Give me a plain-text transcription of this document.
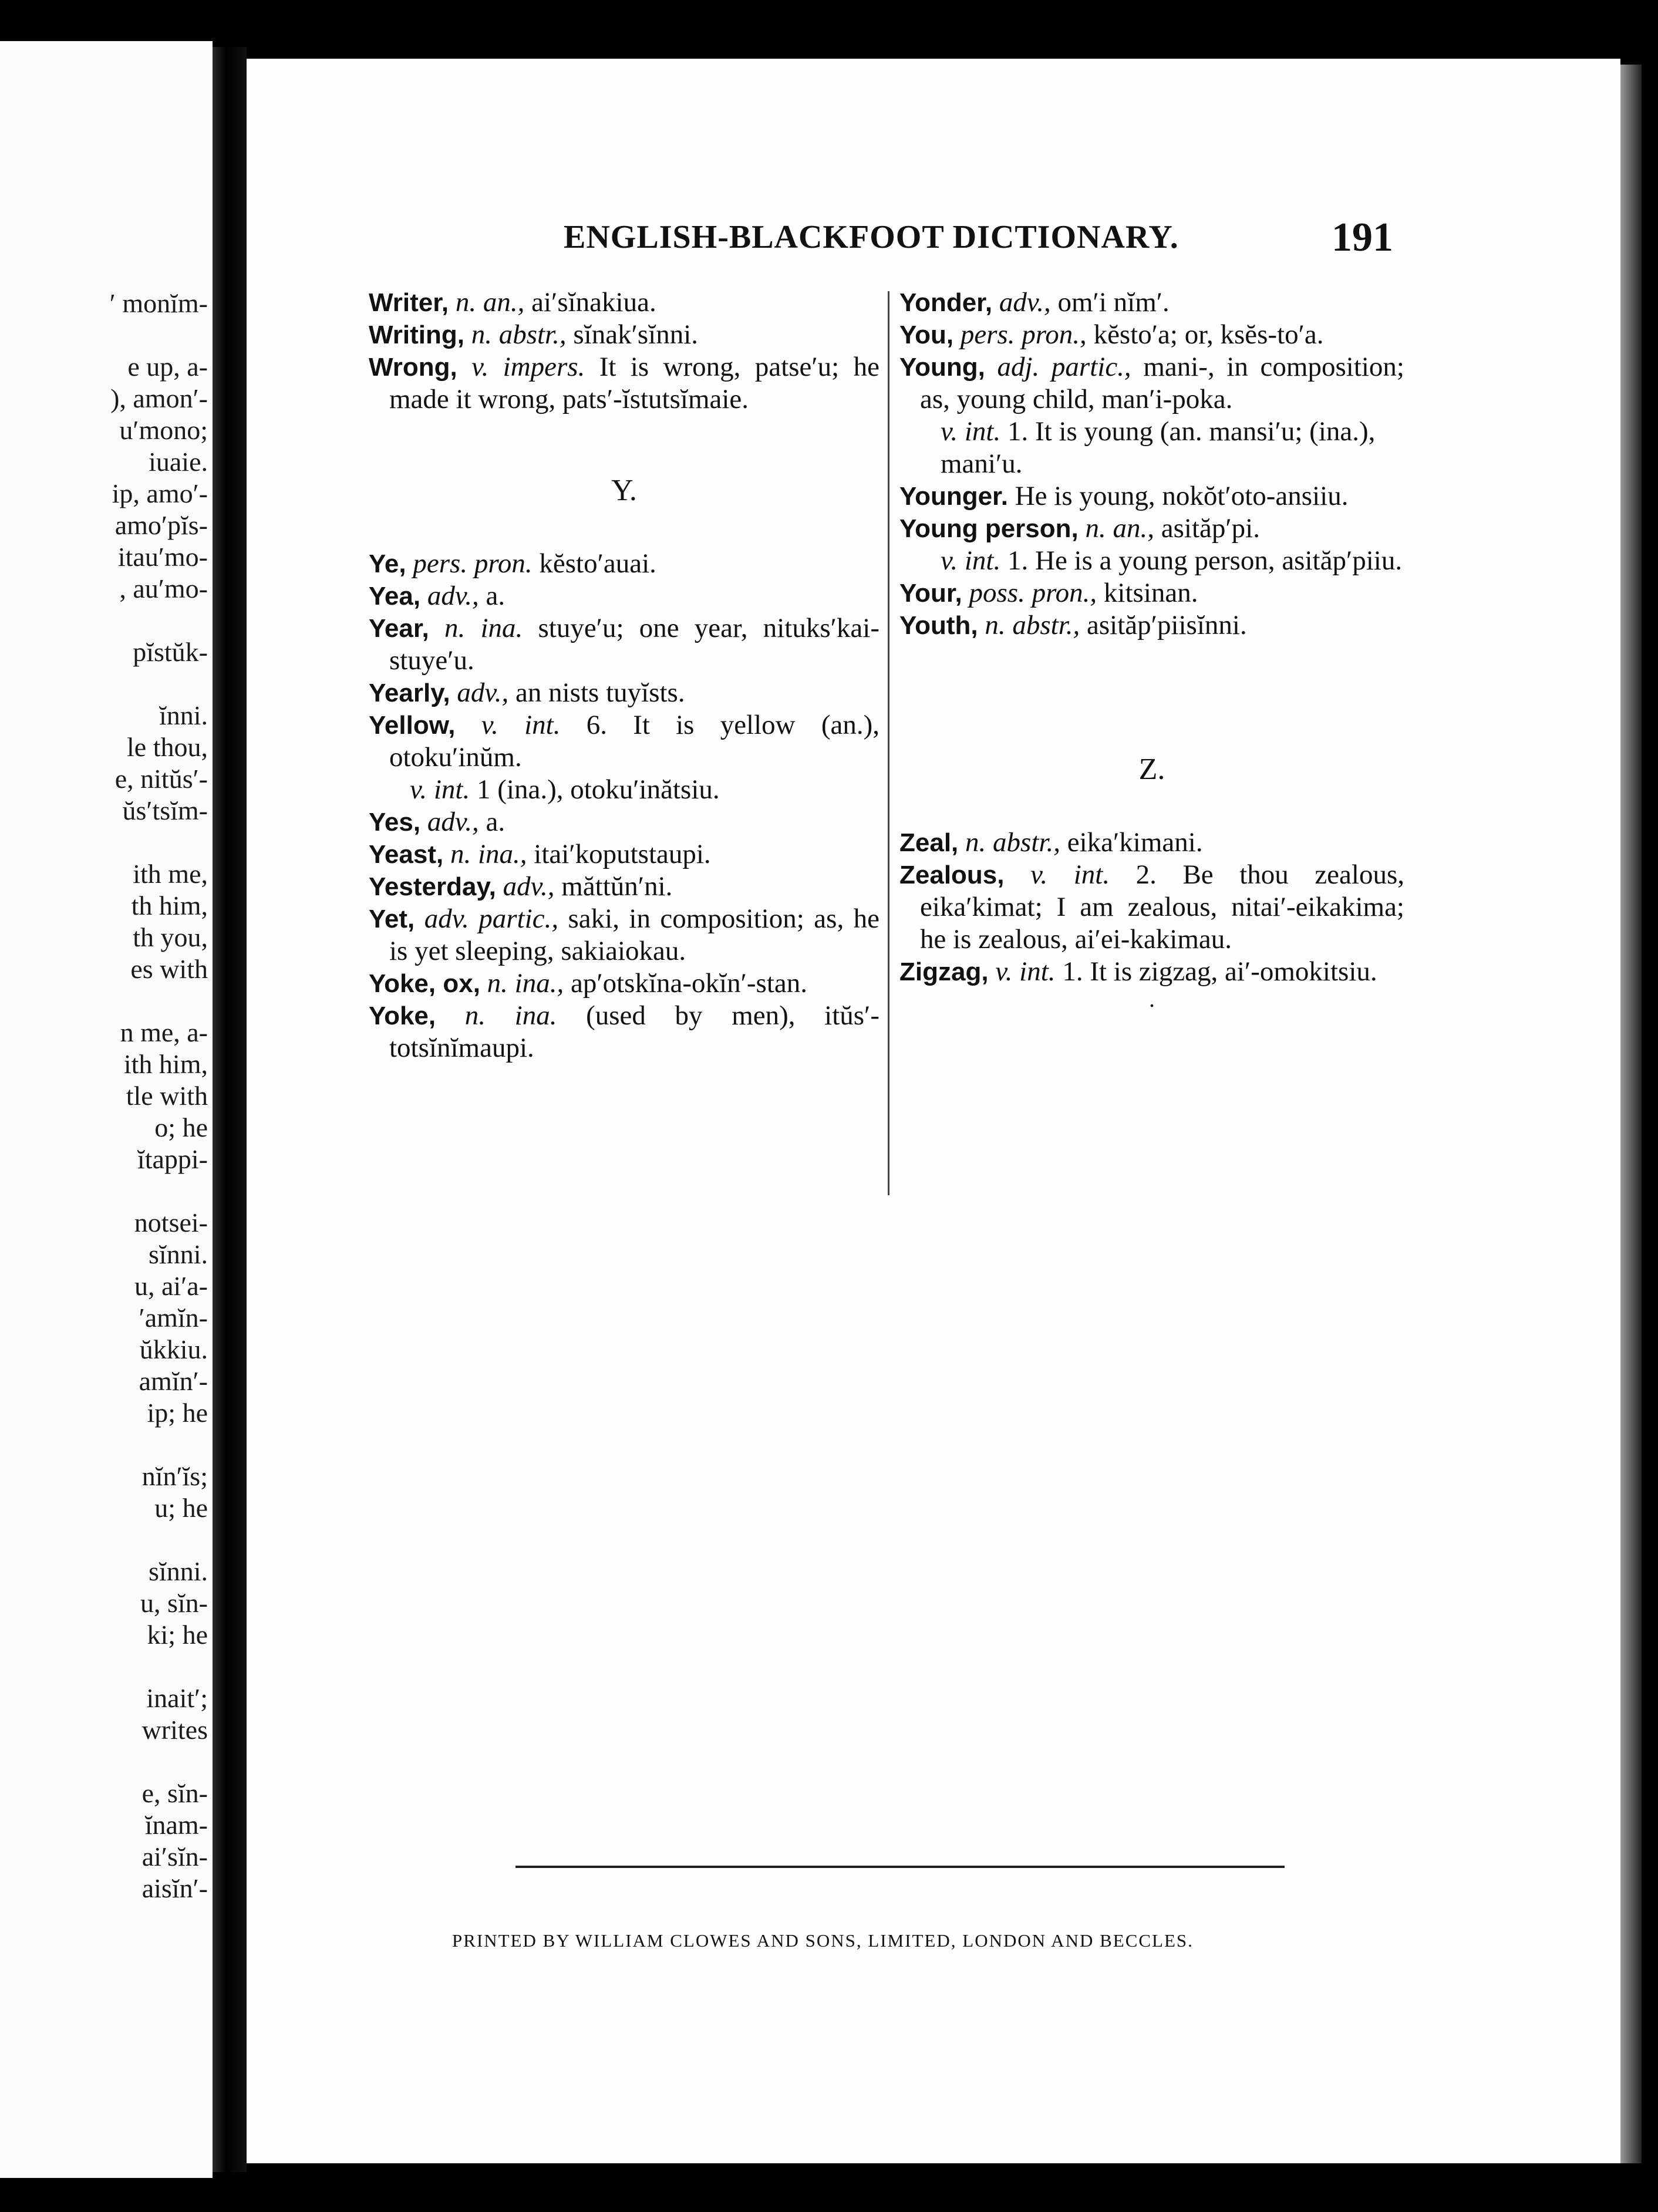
′ monĭm-
e up, a-
), amon′-
u′mono;
iuaie.
ip, amo′-
amo′pĭs-
itau′mo-
, au′mo-
pĭstŭk-
ĭnni.
le thou,
e, nitŭs′-
ŭs′tsĭm-
ith me,
th him,
th you,
es with
n me, a-
ith him,
tle with
o; he
ĭtappi-
notsei-
sĭnni.
u, ai′a-
′amĭn-
ŭkkiu.
amĭn′-
ip; he
nĭn′ĭs;
u; he
sĭnni.
u, sĭn-
ki; he
inait′;
writes
e, sĭn-
ĭnam-
ai′sĭn-
aisĭn′-
ENGLISH-BLACKFOOT DICTIONARY.	191
Writer, n. an., ai′sĭnakiua.
Writing, n. abstr., sĭnak′sĭnni.
Wrong, v. impers. It is wrong, patse′u; he made it wrong, pats′-ĭstutsĭmaie.
Y.
Ye, pers. pron. kĕsto′auai.
Yea, adv., a.
Year, n. ina. stuye′u; one year, nituks′kai-stuye′u.
Yearly, adv., an nists tuyĭsts.
Yellow, v. int. 6. It is yellow (an.), otoku′inŭm.
v. int. 1 (ina.), otoku′inătsiu.
Yes, adv., a.
Yeast, n. ina., itai′koputstaupi.
Yesterday, adv., măttŭn′ni.
Yet, adv. partic., saki, in composition; as, he is yet sleeping, sakiaiokau.
Yoke, ox, n. ina., ap′otskĭna-okĭn′-stan.
Yoke, n. ina. (used by men), itŭs′-totsĭnĭmaupi.
Yonder, adv., om′i nĭm′.
You, pers. pron., kĕsto′a; or, ksĕs-to′a.
Young, adj. partic., mani-, in composition; as, young child, man′i-poka.
v. int. 1. It is young (an. mansi′u; (ina.), mani′u.
Younger. He is young, nokŏt′oto-ansiiu.
Young person, n. an., asităp′pi.
v. int. 1. He is a young person, asităp′piiu.
Your, poss. pron., kitsinan.
Youth, n. abstr., asităp′piisĭnni.
Z.
Zeal, n. abstr., eika′kimani.
Zealous, v. int. 2. Be thou zealous, eika′kimat; I am zealous, nitai′-eikakima; he is zealous, ai′ei-kakimau.
Zigzag, v. int. 1. It is zigzag, ai′-omokitsiu.
.
PRINTED BY WILLIAM CLOWES AND SONS, LIMITED, LONDON AND BECCLES.
